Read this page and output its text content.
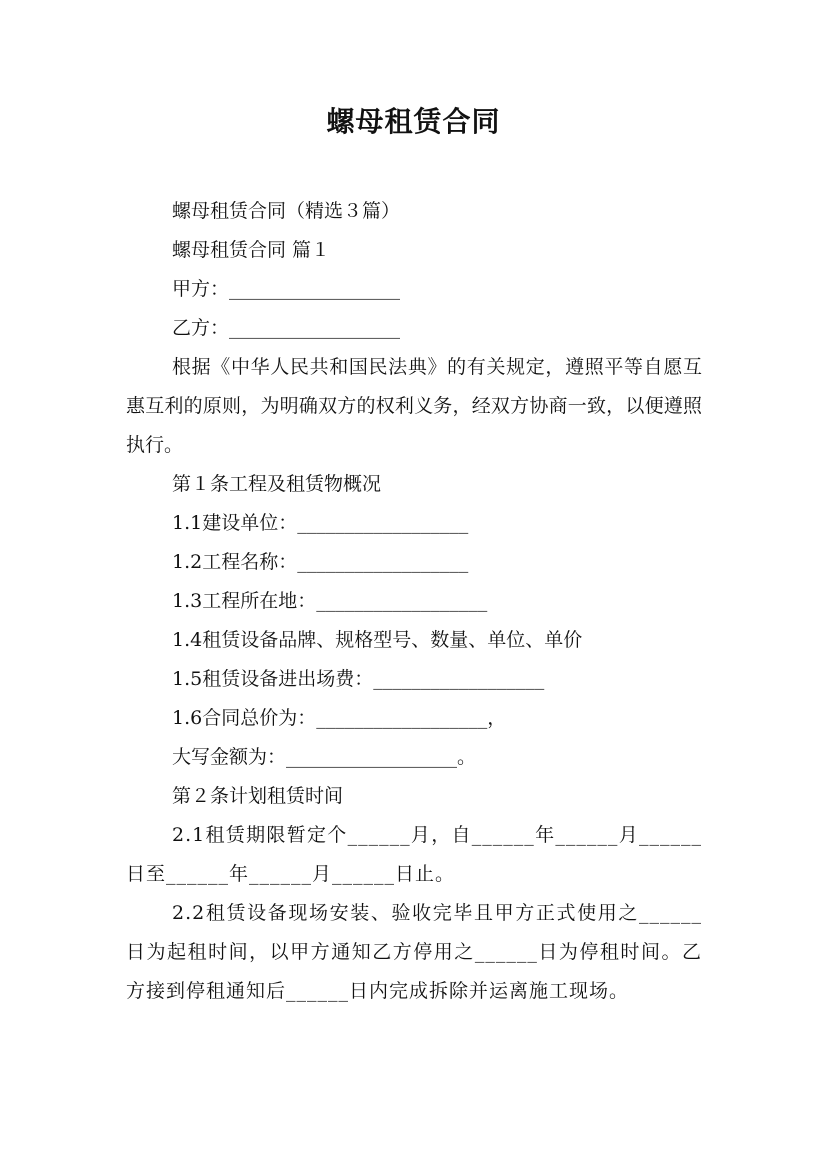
螺母租赁合同

螺母租赁合同（精选３篇）

螺母租赁合同 篇１

甲方：__________________

乙方：__________________

根据《中华人民共和国民法典》的有关规定，遵照平等自愿互惠互利的原则，为明确双方的权利义务，经双方协商一致，以便遵照执行。

第１条工程及租赁物概况

1.1建设单位：__________________

1.2工程名称：__________________

1.3工程所在地：__________________

1.4租赁设备品牌、规格型号、数量、单位、单价

1.5租赁设备进出场费：__________________

1.6合同总价为：__________________，

大写金额为：__________________。

第２条计划租赁时间

2.1租赁期限暂定个______月，自______年______月______日至______年______月______日止。

2.2租赁设备现场安装、验收完毕且甲方正式使用之______日为起租时间，以甲方通知乙方停用之______日为停租时间。乙方接到停租通知后______日内完成拆除并运离施工现场。
